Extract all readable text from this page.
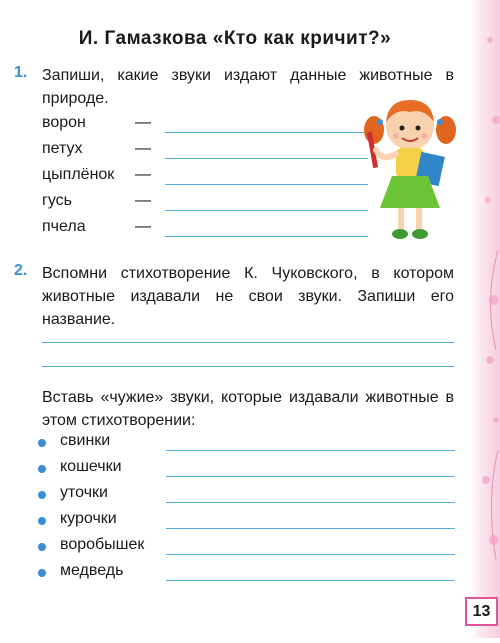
И. Гамазкова «Кто как кричит?»
1. Запиши, какие звуки издают данные животные в природе.
ворон	—
петух	—
цыплёнок —
гусь	—
пчела	—
2. Вспомни стихотворение К. Чуковского, в котором животные издавали не свои звуки. Запиши его название.
Вставь «чужие» звуки, которые издавали животные в этом стихотворении:
свинки
кошечки
уточки
курочки
воробышек
медведь
13
